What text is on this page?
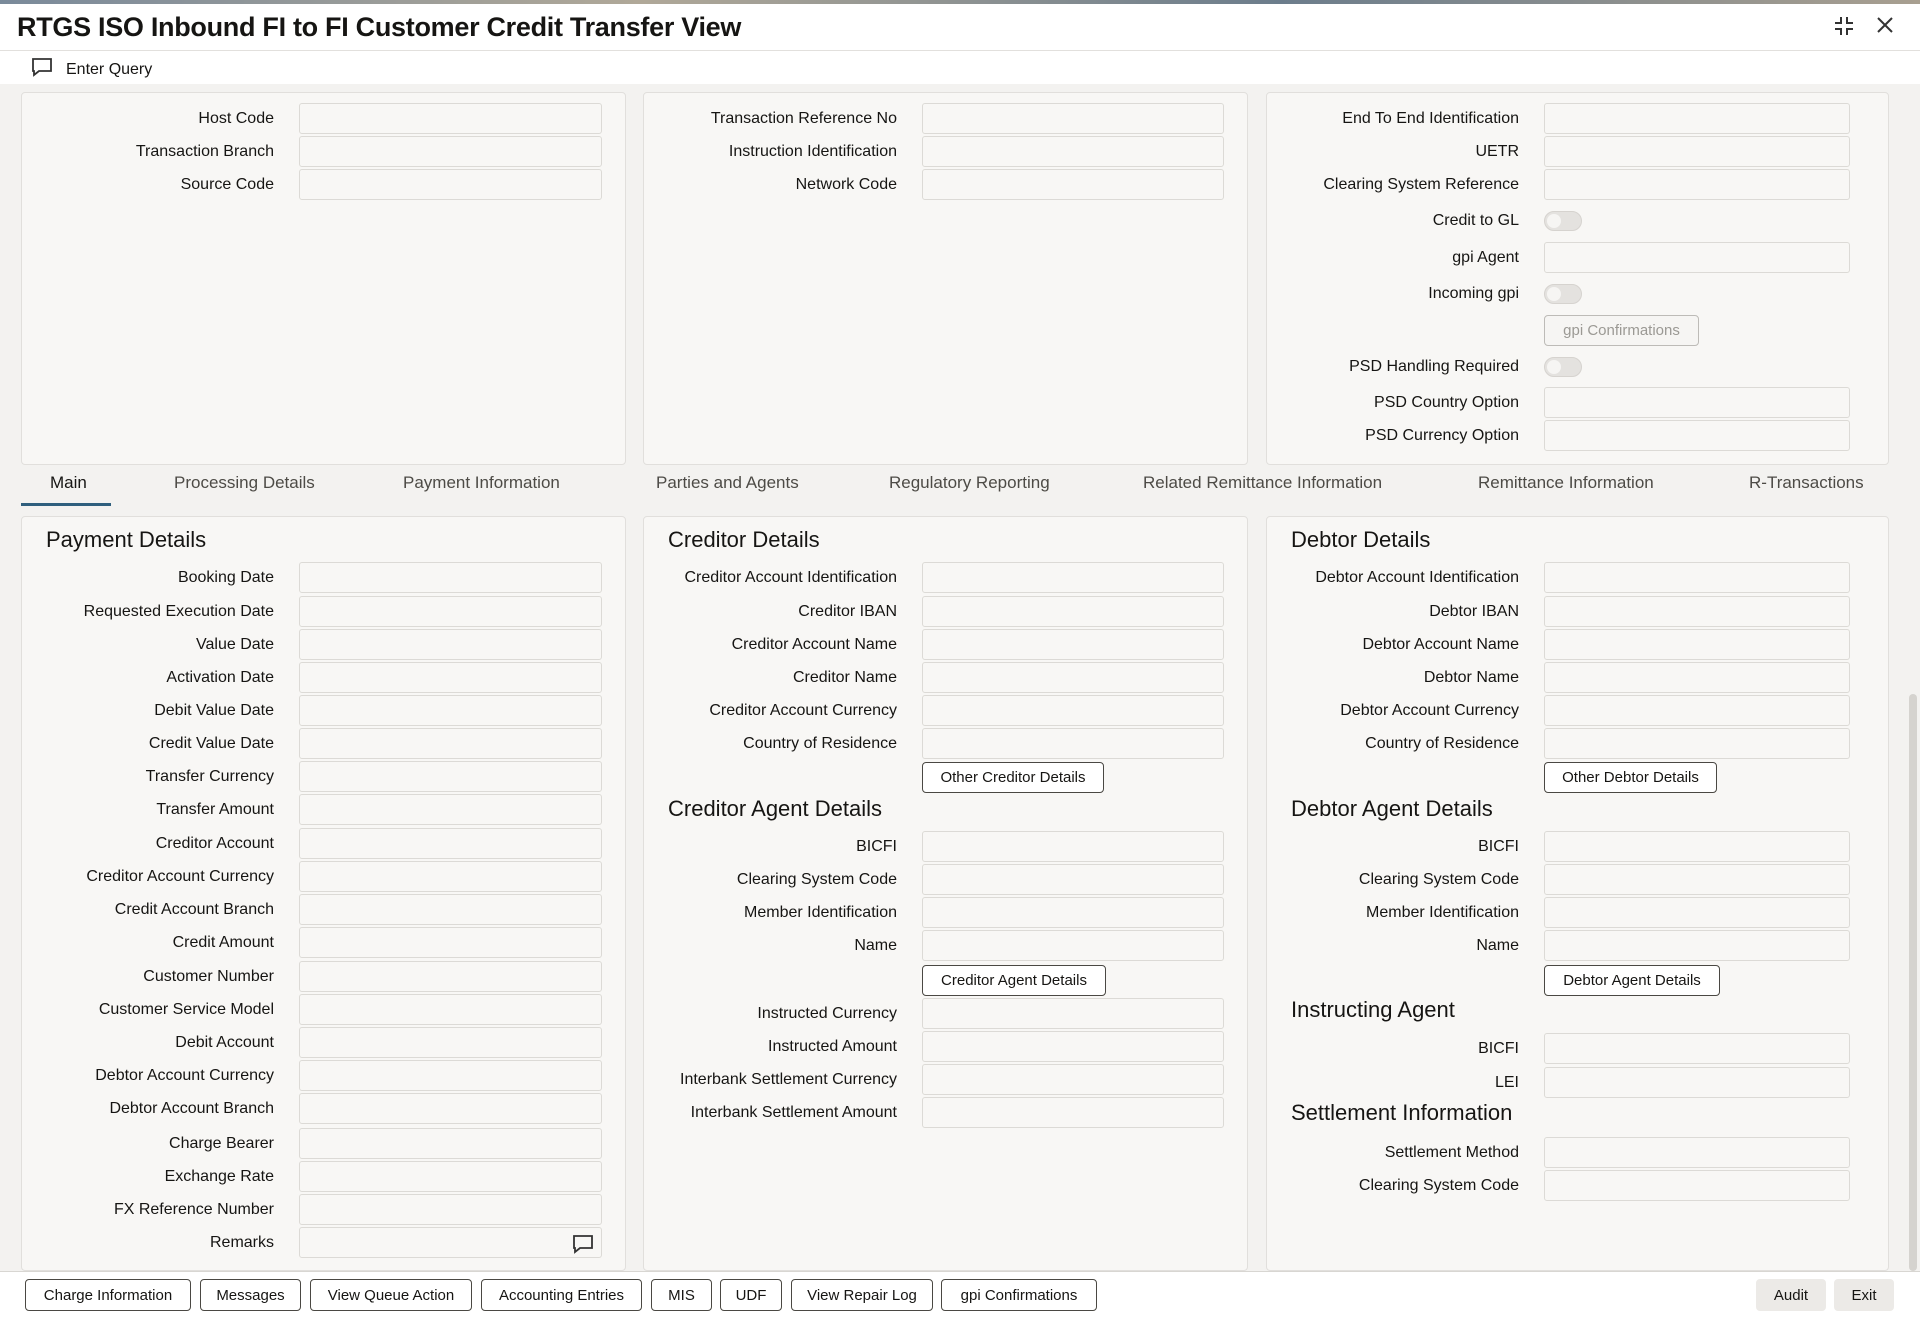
RTGS ISO Inbound FI to FI Customer Credit Transfer View
Enter Query
Host Code
Transaction Branch
Source Code
Transaction Reference No
Instruction Identification
Network Code
End To End Identification
UETR
Clearing System Reference
Credit to GL
gpi Agent
Incoming gpi
gpi Confirmations
PSD Handling Required
PSD Country Option
PSD Currency Option
Main	Processing Details	Payment Information	Parties and Agents	Regulatory Reporting	Related Remittance Information	Remittance Information	R-Transactions
Payment Details
Booking Date
Requested Execution Date
Value Date
Activation Date
Debit Value Date
Credit Value Date
Transfer Currency
Transfer Amount
Creditor Account
Creditor Account Currency
Credit Account Branch
Credit Amount
Customer Number
Customer Service Model
Debit Account
Debtor Account Currency
Debtor Account Branch
Charge Bearer
Exchange Rate
FX Reference Number
Remarks
Creditor Details
Creditor Account Identification
Creditor IBAN
Creditor Account Name
Creditor Name
Creditor Account Currency
Country of Residence
Other Creditor Details
Creditor Agent Details
BICFI
Clearing System Code
Member Identification
Name
Creditor Agent Details
Instructed Currency
Instructed Amount
Interbank Settlement Currency
Interbank Settlement Amount
Debtor Details
Debtor Account Identification
Debtor IBAN
Debtor Account Name
Debtor Name
Debtor Account Currency
Country of Residence
Other Debtor Details
Debtor Agent Details
BICFI
Clearing System Code
Member Identification
Name
Debtor Agent Details
Instructing Agent
BICFI
LEI
Settlement Information
Settlement Method
Clearing System Code
Charge Information	Messages	View Queue Action	Accounting Entries	MIS	UDF	View Repair Log	gpi Confirmations	Audit	Exit
